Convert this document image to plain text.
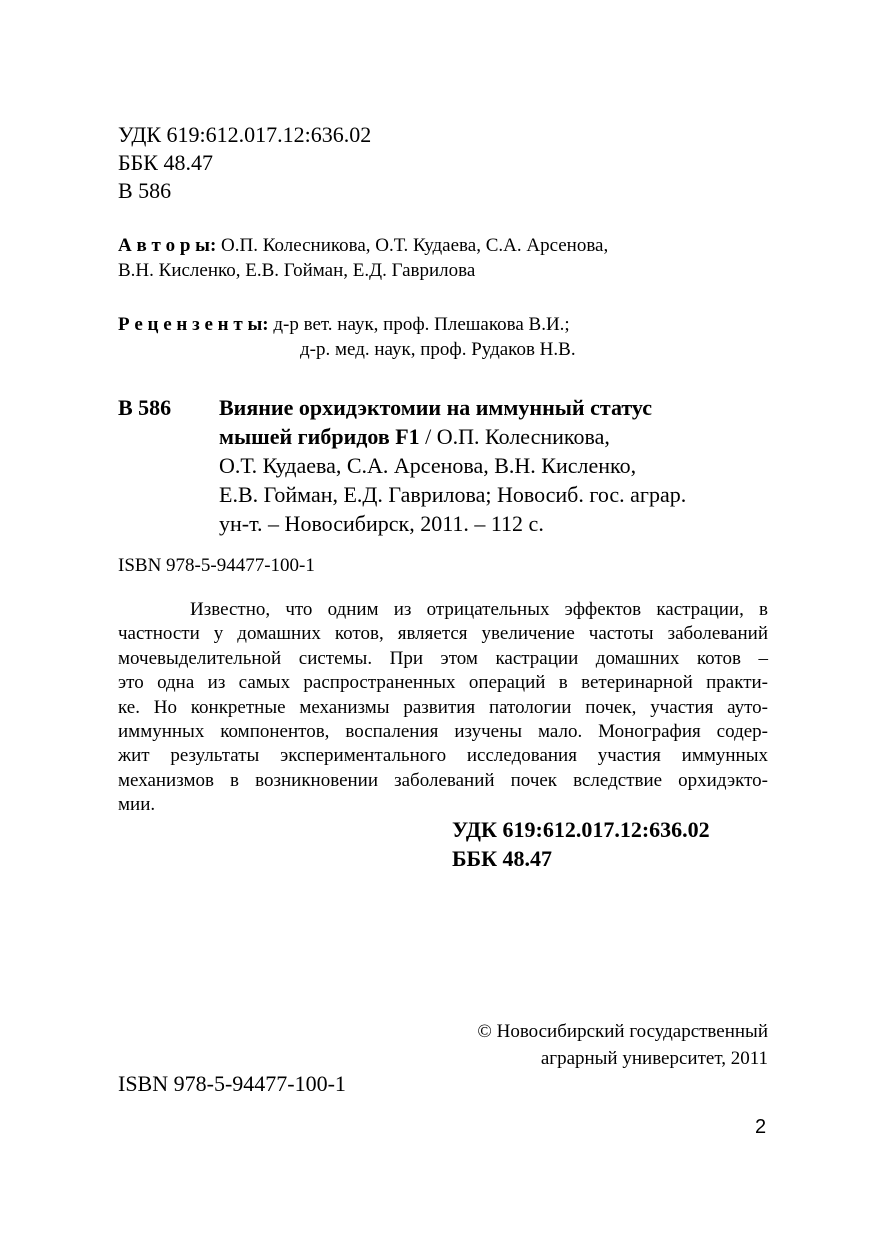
УДК 619:612.017.12:636.02
ББК 48.47
В 586
А в т о р ы: О.П. Колесникова, О.Т. Кудаева, С.А. Арсенова,
В.Н. Кисленко, Е.В. Гойман, Е.Д. Гаврилова
Р е ц е н з е н т ы: д-р вет. наук, проф. Плешакова В.И.;
д-р. мед. наук, проф. Рудаков Н.В.
В 586 Вияние орхидэктомии на иммунный статус
мышей гибридов F1 / О.П. Колесникова,
О.Т. Кудаева, С.А. Арсенова, В.Н. Кисленко,
Е.В. Гойман, Е.Д. Гаврилова; Новосиб. гос. аграр.
ун-т. – Новосибирск, 2011. – 112 с.
ISBN 978-5-94477-100-1
Известно, что одним из отрицательных эффектов кастрации, в
частности у домашних котов, является увеличение частоты заболеваний
мочевыделительной системы. При этом кастрации домашних котов –
это одна из самых распространенных операций в ветеринарной практи-
ке. Но конкретные механизмы развития патологии почек, участия ауто-
иммунных компонентов, воспаления изучены мало. Монография содер-
жит результаты экспериментального исследования участия иммунных
механизмов в возникновении заболеваний почек вследствие орхидэкто-
мии.
УДК 619:612.017.12:636.02
ББК 48.47
© Новосибирский государственный
аграрный университет, 2011
ISBN 978-5-94477-100-1
2
